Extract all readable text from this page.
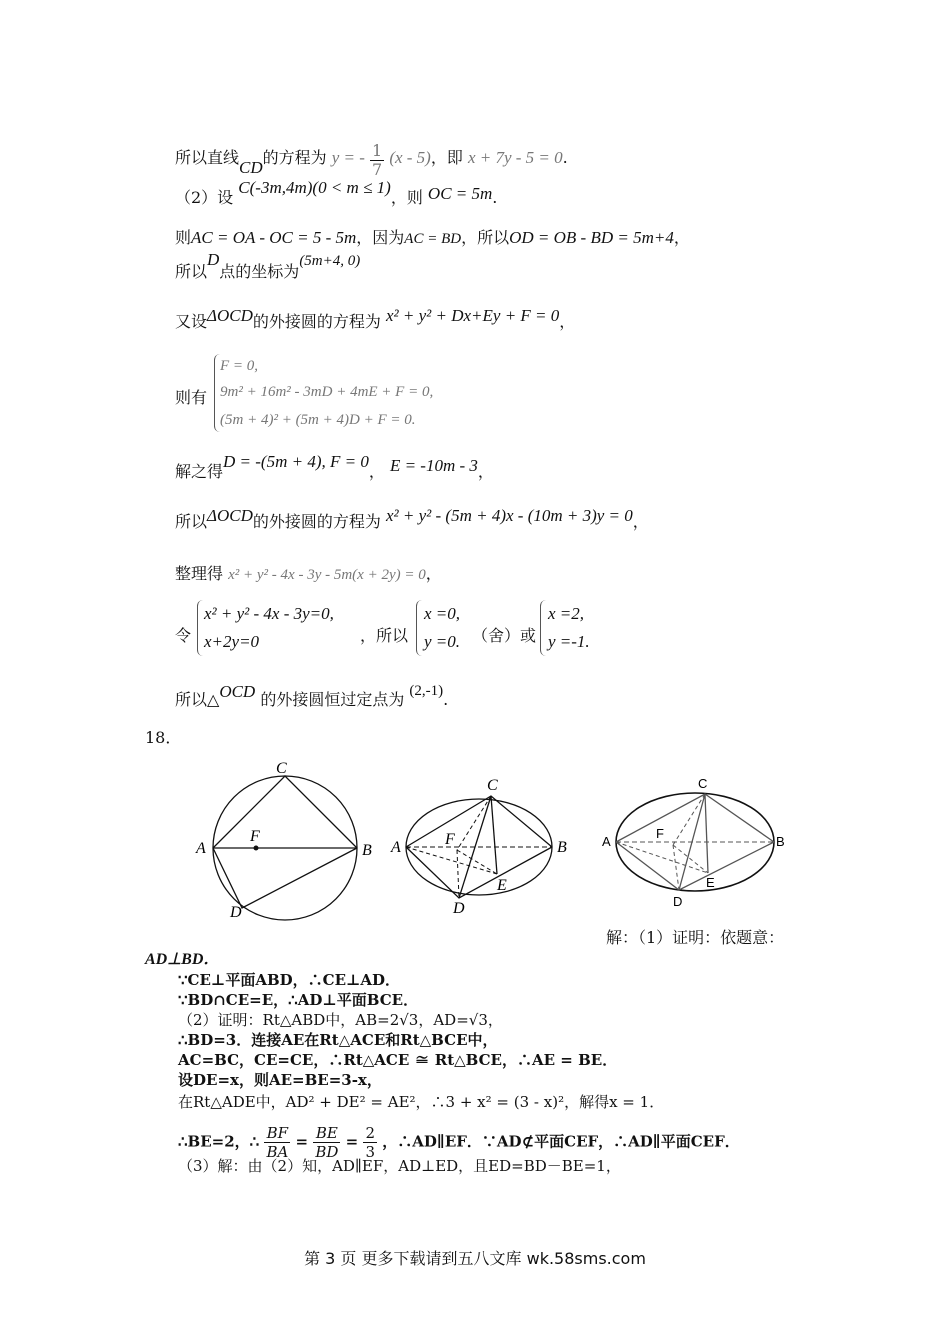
所以直线CD的方程为 y = - $\frac{1}{7} (x - 5)$，即 x + 7y - 5 = 0.
（2）设 C(-3m,4m)(0 < m ≤ 1)，则 OC = 5m.
则AC = OA - OC = 5 - 5m，因为AC = BD，所以OD = OB - BD = 5m+4，
所以D点的坐标为(5m+4, 0)
又设ΔOCD的外接圆的方程为 x² + y² + Dx+Ey + F = 0，
则有
F = 0,
9m² + 16m² - 3mD + 4mE + F = 0,
(5m + 4)² + (5m + 4)D + F = 0.
解之得D = -(5m + 4), F = 0， E = -10m - 3，
所以ΔOCD的外接圆的方程为 x² + y² - (5m + 4)x - (10m + 3)y = 0，
整理得 x² + y² - 4x - 3y - 5m(x + 2y) = 0，
令
x² + y² - 4x - 3y=0,
x+2y=0	，所以
x =0,
y =0. （舍）或
x =2,
y =-1.
所以△OCD 的外接圆恒过定点为 (2,-1).
18．
C
A	B
F
D
C
A	B
F
E
D
C
A	B
F
E
D
解：（1）证明：依题意：
AD⊥BD．
∵CE⊥平面ABD，∴CE⊥AD．
∵BD∩CE=E，∴AD⊥平面BCE．
（2）证明：Rt△ABD中，AB=2√3，AD=√3，
∴BD=3．连接AE在Rt△ACE和Rt△BCE中，
AC=BC，CE=CE，∴Rt△ACE ≅ Rt△BCE，∴AE = BE．
设DE=x，则AE=BE=3-x，
在Rt△ADE中，AD² + DE² = AE²，∴3 + x² = (3 - x)²，解得x = 1．
∴BE=2，∴ $\frac{BF}{BA} = \frac{BE}{BD} = \frac{2}{3}$ ，∴AD∥EF．∵AD⊄平面CEF，∴AD∥平面CEF．
（3）解：由（2）知，AD∥EF，AD⊥ED，且ED=BD－BE=1，
第 3 页 更多下载请到五八文库 wk.58sms.com
